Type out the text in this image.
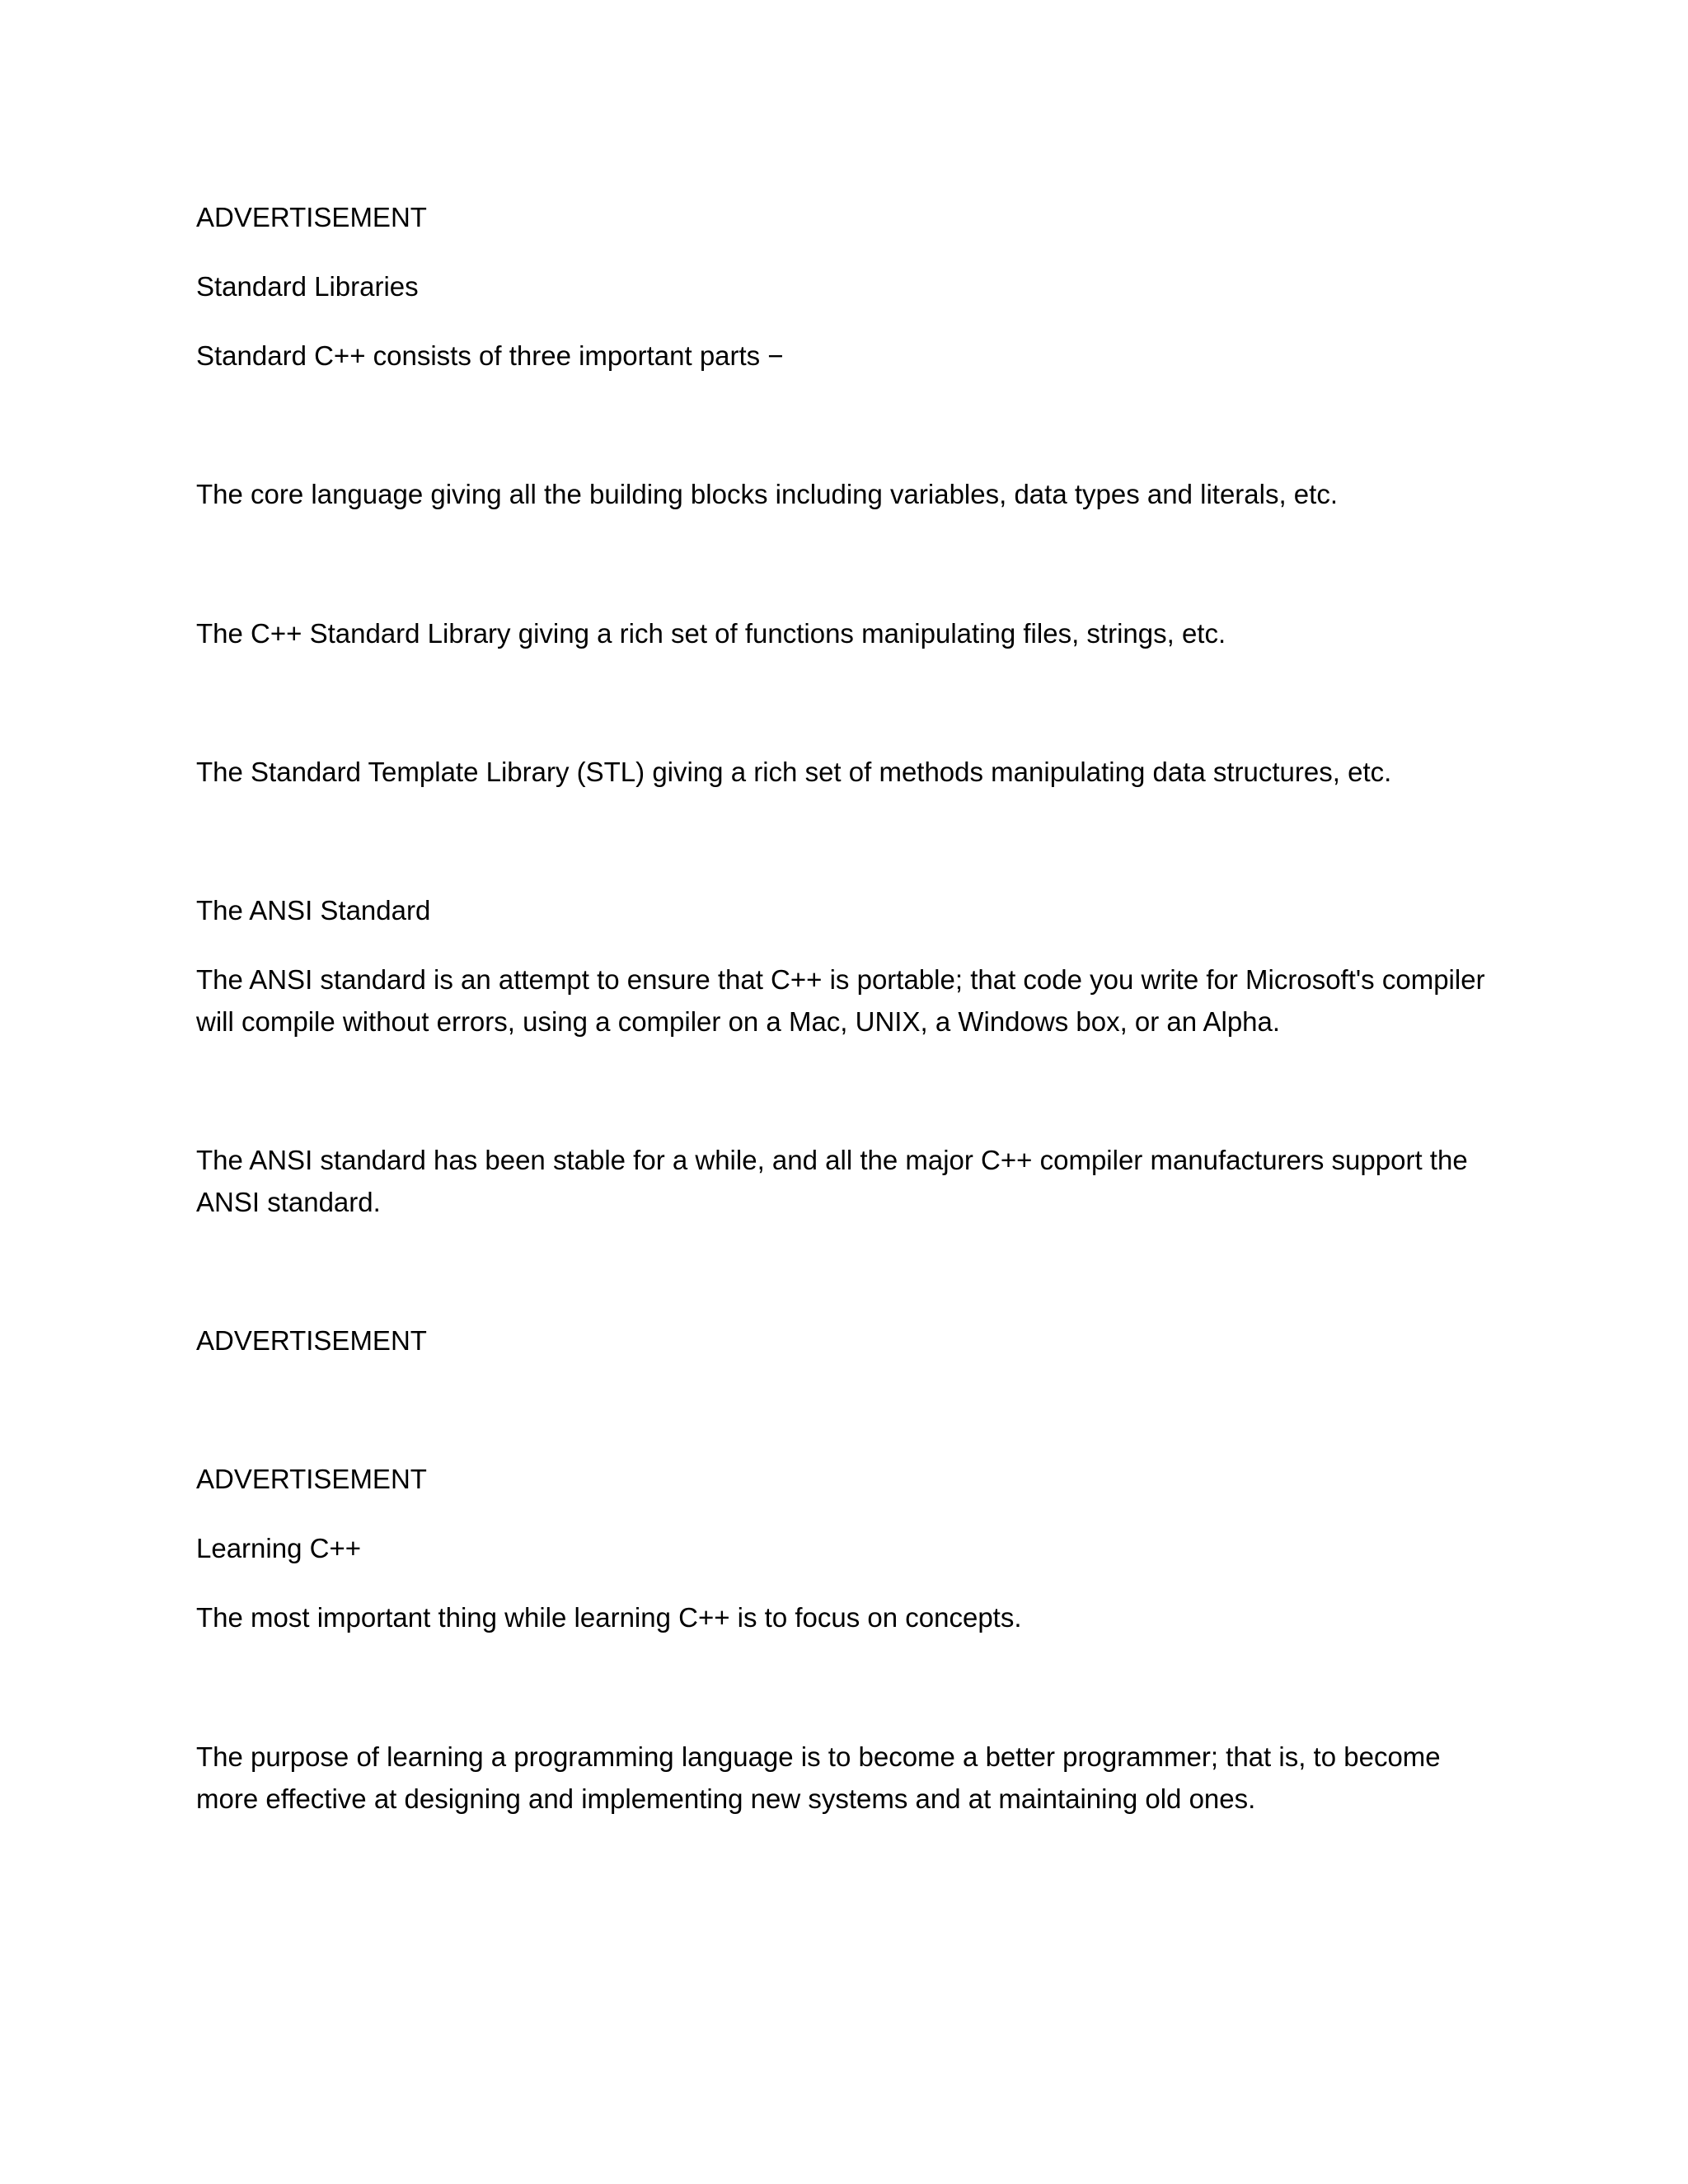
ADVERTISEMENT
Standard Libraries
Standard C++ consists of three important parts −
The core language giving all the building blocks including variables, data types and literals, etc.
The C++ Standard Library giving a rich set of functions manipulating files, strings, etc.
The Standard Template Library (STL) giving a rich set of methods manipulating data structures, etc.
The ANSI Standard
The ANSI standard is an attempt to ensure that C++ is portable; that code you write for Microsoft's compiler will compile without errors, using a compiler on a Mac, UNIX, a Windows box, or an Alpha.
The ANSI standard has been stable for a while, and all the major C++ compiler manufacturers support the ANSI standard.
ADVERTISEMENT
ADVERTISEMENT
Learning C++
The most important thing while learning C++ is to focus on concepts.
The purpose of learning a programming language is to become a better programmer; that is, to become more effective at designing and implementing new systems and at maintaining old ones.
